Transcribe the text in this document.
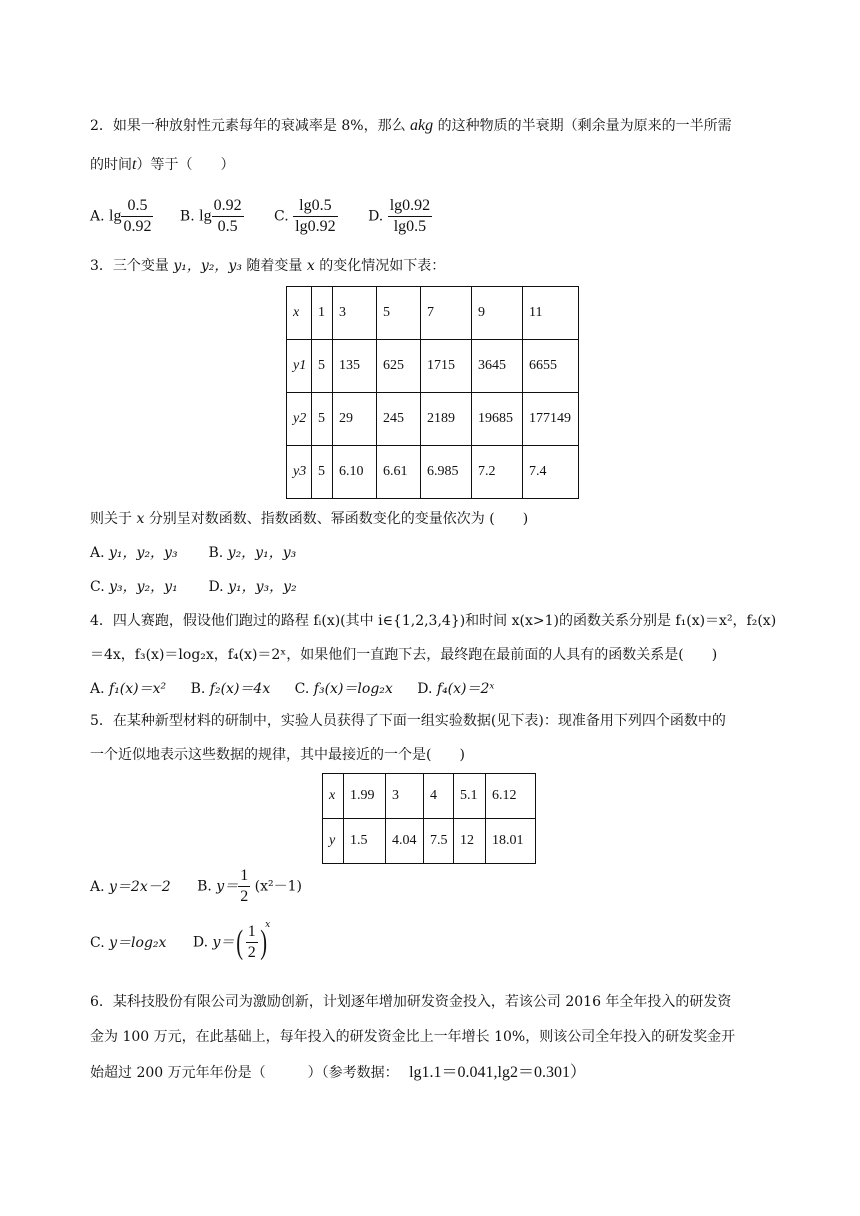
2．如果一种放射性元素每年的衰减率是 8%，那么 akg 的这种物质的半衰期（剩余量为原来的一半所需
的时间t）等于（　　）
A. $\lg \frac{0.5}{0.92} B$. $\lg \frac{0.92}{0.5} C$. $\frac{\lg 0.5}{\lg 0.92} D$. $\frac{\lg 0.92}{\lg 0.5}$
3．三个变量 y₁，y₂，y₃ 随着变量 x 的变化情况如下表：
x	1	3	5	7	9	11
y1	5	135	625	1715	3645	6655
y2	5	29	245	2189	19685	177149
y3	5	6.10	6.61	6.985	7.2	7.4
则关于 x 分别呈对数函数、指数函数、幂函数变化的变量依次为 (　　)
A. y₁，y₂，y₃ B. y₂，y₁，y₃
C. y₃，y₂，y₁ D. y₁，y₃，y₂
4．四人赛跑，假设他们跑过的路程 fᵢ(x)(其中 i∈{1,2,3,4})和时间 x(x>1)的函数关系分别是 f₁(x)＝x²，f₂(x)
＝4x，f₃(x)＝log₂x，f₄(x)＝2ˣ，如果他们一直跑下去，最终跑在最前面的人具有的函数关系是(　　)
A. f₁(x)＝x² B. f₂(x)＝4x C. f₃(x)＝log₂x D. f₄(x)＝2ˣ
5．在某种新型材料的研制中，实验人员获得了下面一组实验数据(见下表)：现准备用下列四个函数中的
一个近似地表示这些数据的规律，其中最接近的一个是(　　)
x	1.99	3	4	5.1	6.12
y	1.5	4.04	7.5	12	18.01
A. y＝2x－2 B. $y= \frac{1}{2} (x^2-1)$
C. y＝log₂x D. $y=( \frac{1}{2} )^x$
6．某科技股份有限公司为激励创新，计划逐年增加研发资金投入，若该公司 2016 年全年投入的研发资
金为 100 万元，在此基础上，每年投入的研发资金比上一年增长 10%，则该公司全年投入的研发奖金开
始超过 200 万元年年份是（　　　）（参考数据： lg1.1＝0.041,lg2＝0.301）
